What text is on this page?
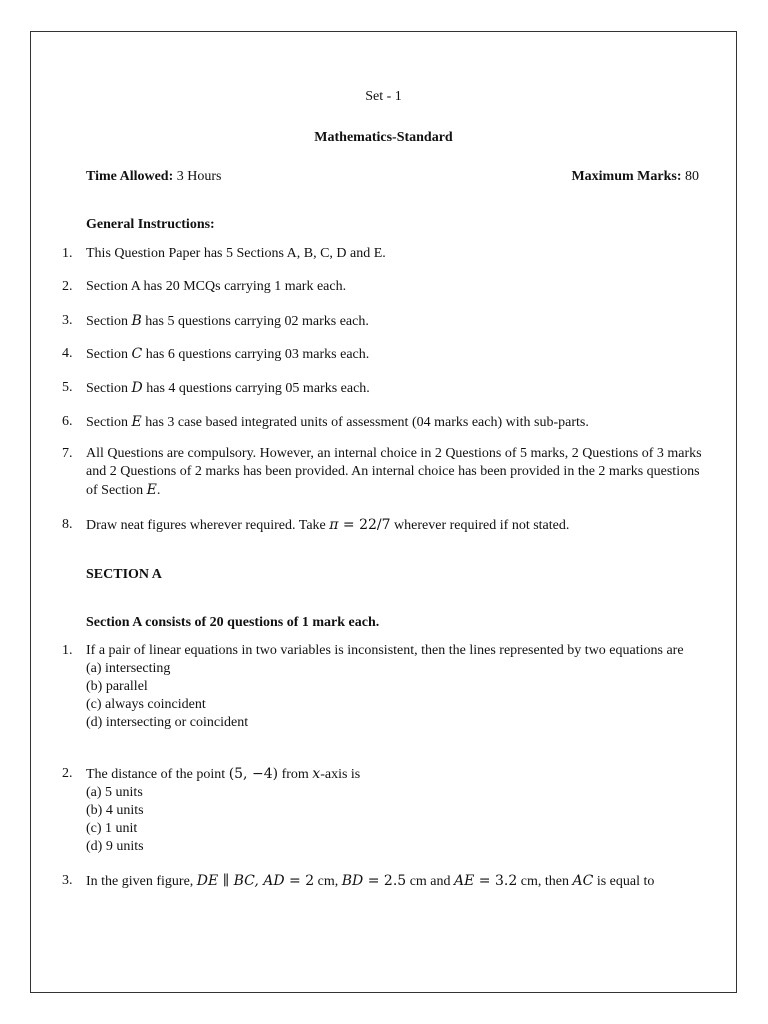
Set - 1
Mathematics-Standard
Time Allowed: 3 Hours	Maximum Marks: 80
General Instructions:
1. This Question Paper has 5 Sections A, B, C, D and E.
2. Section A has 20 MCQs carrying 1 mark each.
3. Section B has 5 questions carrying 02 marks each.
4. Section C has 6 questions carrying 03 marks each.
5. Section D has 4 questions carrying 05 marks each.
6. Section E has 3 case based integrated units of assessment (04 marks each) with sub-parts.
7. All Questions are compulsory. However, an internal choice in 2 Questions of 5 marks, 2 Questions of 3 marks and 2 Questions of 2 marks has been provided. An internal choice has been provided in the 2 marks questions of Section E.
8. Draw neat figures wherever required. Take π = 22/7 wherever required if not stated.
SECTION A
Section A consists of 20 questions of 1 mark each.
1. If a pair of linear equations in two variables is inconsistent, then the lines represented by two equations are
(a) intersecting
(b) parallel
(c) always coincident
(d) intersecting or coincident
2. The distance of the point (5, −4) from x-axis is
(a) 5 units
(b) 4 units
(c) 1 unit
(d) 9 units
3. In the given figure, DE ∥ BC, AD = 2 cm, BD = 2.5 cm and AE = 3.2 cm, then AC is equal to
